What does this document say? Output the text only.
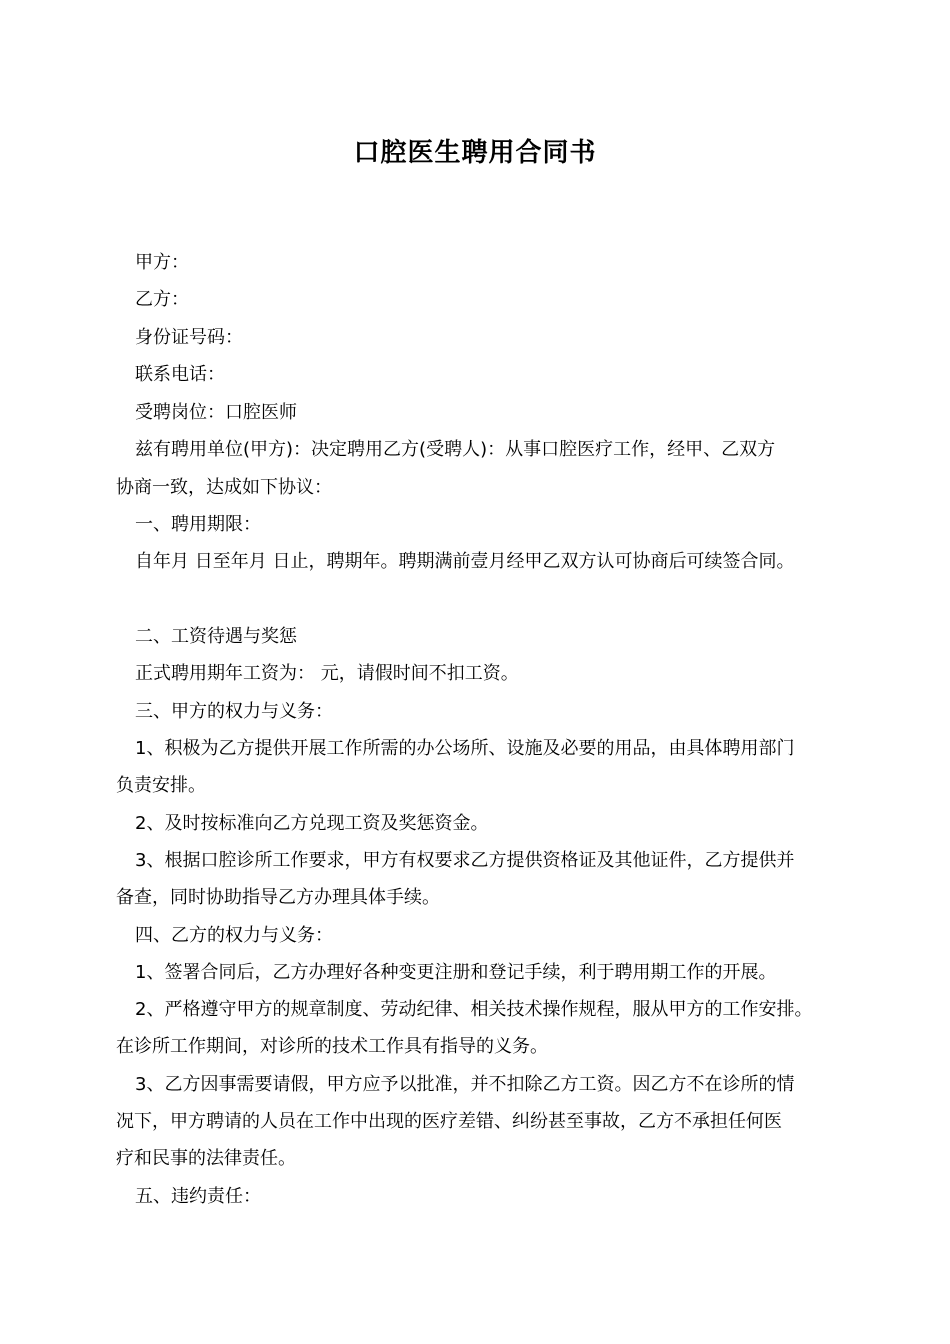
口腔医生聘用合同书
甲方：
乙方：
身份证号码：
联系电话：
受聘岗位：口腔医师
兹有聘用单位(甲方)：决定聘用乙方(受聘人)：从事口腔医疗工作，经甲、乙双方
协商一致，达成如下协议：
一、聘用期限：
自年月 日至年月 日止，聘期年。聘期满前壹月经甲乙双方认可协商后可续签合同。
二、工资待遇与奖惩
正式聘用期年工资为： 元，请假时间不扣工资。
三、甲方的权力与义务：
1、积极为乙方提供开展工作所需的办公场所、设施及必要的用品，由具体聘用部门
负责安排。
2、及时按标准向乙方兑现工资及奖惩资金。
3、根据口腔诊所工作要求，甲方有权要求乙方提供资格证及其他证件，乙方提供并
备查，同时协助指导乙方办理具体手续。
四、乙方的权力与义务：
1、签署合同后，乙方办理好各种变更注册和登记手续，利于聘用期工作的开展。
2、严格遵守甲方的规章制度、劳动纪律、相关技术操作规程，服从甲方的工作安排。
在诊所工作期间，对诊所的技术工作具有指导的义务。
3、乙方因事需要请假，甲方应予以批准，并不扣除乙方工资。因乙方不在诊所的情
况下，甲方聘请的人员在工作中出现的医疗差错、纠纷甚至事故，乙方不承担任何医
疗和民事的法律责任。
五、违约责任：
